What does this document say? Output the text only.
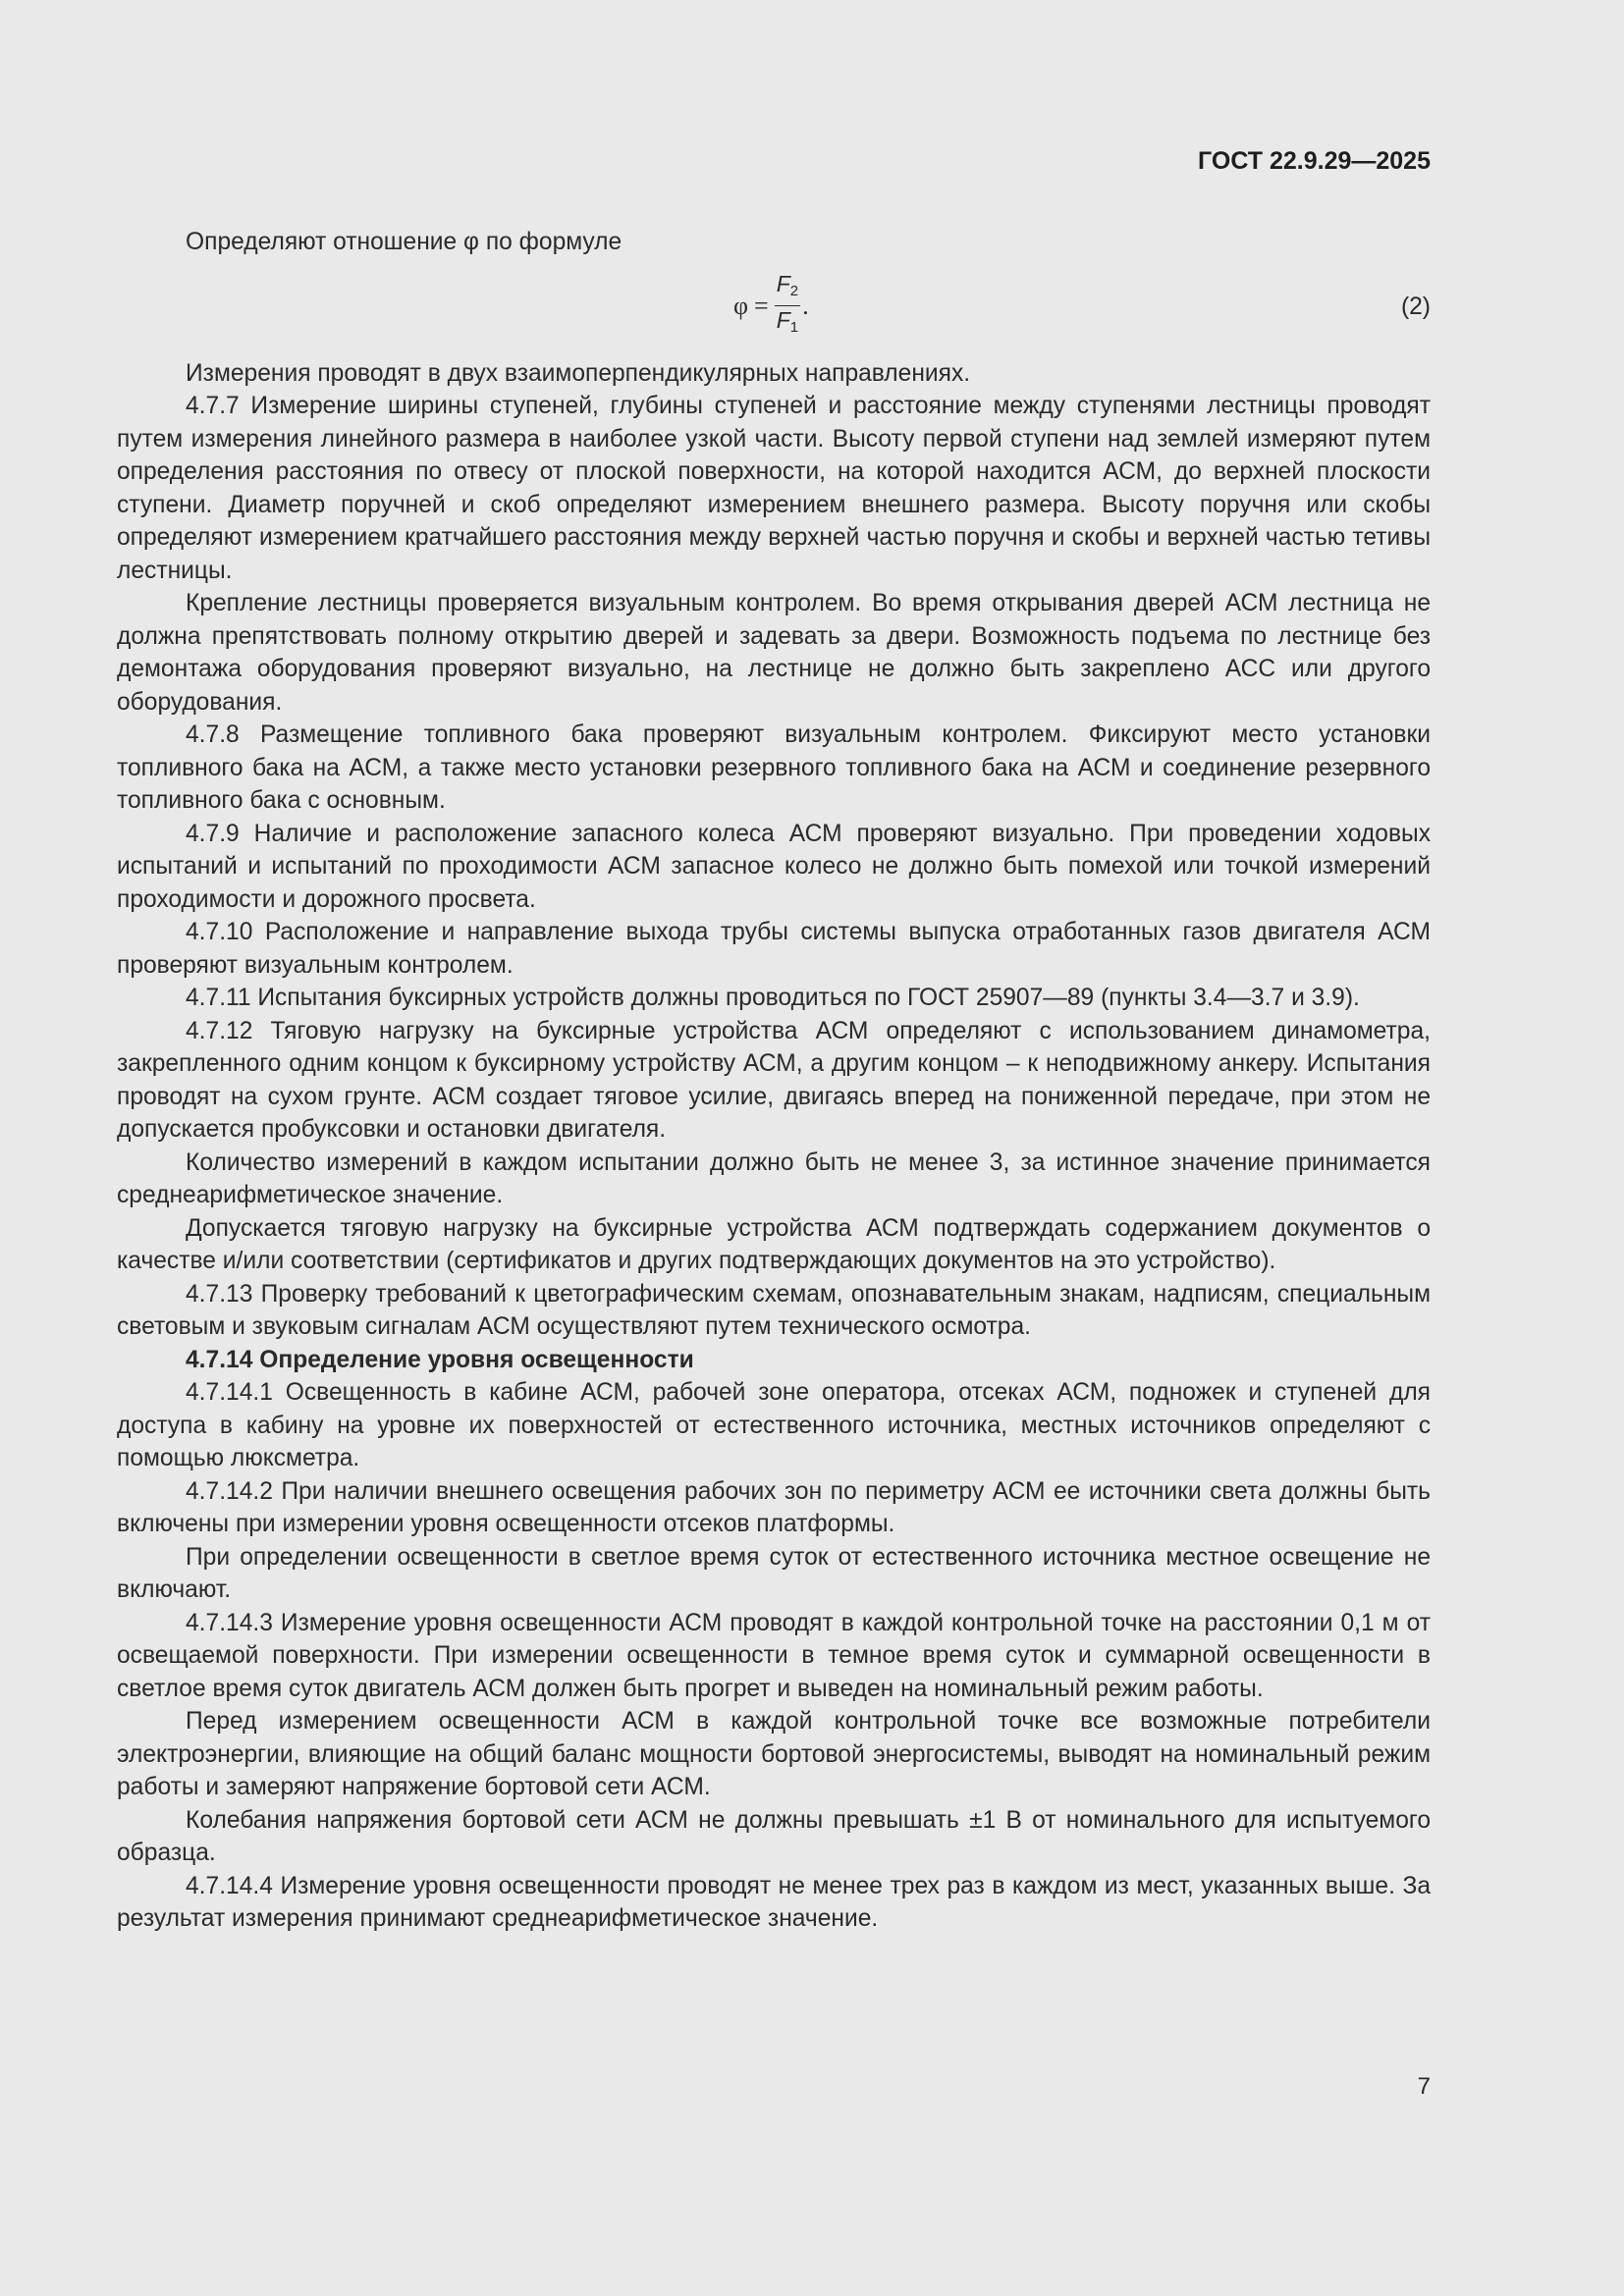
ГОСТ 22.9.29—2025

Определяют отношение φ по формуле

$\varphi = \frac{F_2}{F_1}$ .	(2)

Измерения проводят в двух взаимоперпендикулярных направлениях.

4.7.7 Измерение ширины ступеней, глубины ступеней и расстояние между ступенями лестницы проводят путем измерения линейного размера в наиболее узкой части. Высоту первой ступени над землей измеряют путем определения расстояния по отвесу от плоской поверхности, на которой находится АСМ, до верхней плоскости ступени. Диаметр поручней и скоб определяют измерением внешнего размера. Высоту поручня или скобы определяют измерением кратчайшего расстояния между верхней частью поручня и скобы и верхней частью тетивы лестницы.

Крепление лестницы проверяется визуальным контролем. Во время открывания дверей АСМ лестница не должна препятствовать полному открытию дверей и задевать за двери. Возможность подъема по лестнице без демонтажа оборудования проверяют визуально, на лестнице не должно быть закреплено АСС или другого оборудования.

4.7.8 Размещение топливного бака проверяют визуальным контролем. Фиксируют место установки топливного бака на АСМ, а также место установки резервного топливного бака на АСМ и соединение резервного топливного бака с основным.

4.7.9 Наличие и расположение запасного колеса АСМ проверяют визуально. При проведении ходовых испытаний и испытаний по проходимости АСМ запасное колесо не должно быть помехой или точкой измерений проходимости и дорожного просвета.

4.7.10 Расположение и направление выхода трубы системы выпуска отработанных газов двигателя АСМ проверяют визуальным контролем.

4.7.11 Испытания буксирных устройств должны проводиться по ГОСТ 25907—89 (пункты 3.4—3.7 и 3.9).

4.7.12 Тяговую нагрузку на буксирные устройства АСМ определяют с использованием динамометра, закрепленного одним концом к буксирному устройству АСМ, а другим концом – к неподвижному анкеру. Испытания проводят на сухом грунте. АСМ создает тяговое усилие, двигаясь вперед на пониженной передаче, при этом не допускается пробуксовки и остановки двигателя.

Количество измерений в каждом испытании должно быть не менее 3, за истинное значение принимается среднеарифметическое значение.

Допускается тяговую нагрузку на буксирные устройства АСМ подтверждать содержанием документов о качестве и/или соответствии (сертификатов и других подтверждающих документов на это устройство).

4.7.13 Проверку требований к цветографическим схемам, опознавательным знакам, надписям, специальным световым и звуковым сигналам АСМ осуществляют путем технического осмотра.

4.7.14 Определение уровня освещенности

4.7.14.1 Освещенность в кабине АСМ, рабочей зоне оператора, отсеках АСМ, подножек и ступеней для доступа в кабину на уровне их поверхностей от естественного источника, местных источников определяют с помощью люксметра.

4.7.14.2 При наличии внешнего освещения рабочих зон по периметру АСМ ее источники света должны быть включены при измерении уровня освещенности отсеков платформы.

При определении освещенности в светлое время суток от естественного источника местное освещение не включают.

4.7.14.3 Измерение уровня освещенности АСМ проводят в каждой контрольной точке на расстоянии 0,1 м от освещаемой поверхности. При измерении освещенности в темное время суток и суммарной освещенности в светлое время суток двигатель АСМ должен быть прогрет и выведен на номинальный режим работы.

Перед измерением освещенности АСМ в каждой контрольной точке все возможные потребители электроэнергии, влияющие на общий баланс мощности бортовой энергосистемы, выводят на номинальный режим работы и замеряют напряжение бортовой сети АСМ.

Колебания напряжения бортовой сети АСМ не должны превышать ±1 В от номинального для испытуемого образца.

4.7.14.4 Измерение уровня освещенности проводят не менее трех раз в каждом из мест, указанных выше. За результат измерения принимают среднеарифметическое значение.

7
